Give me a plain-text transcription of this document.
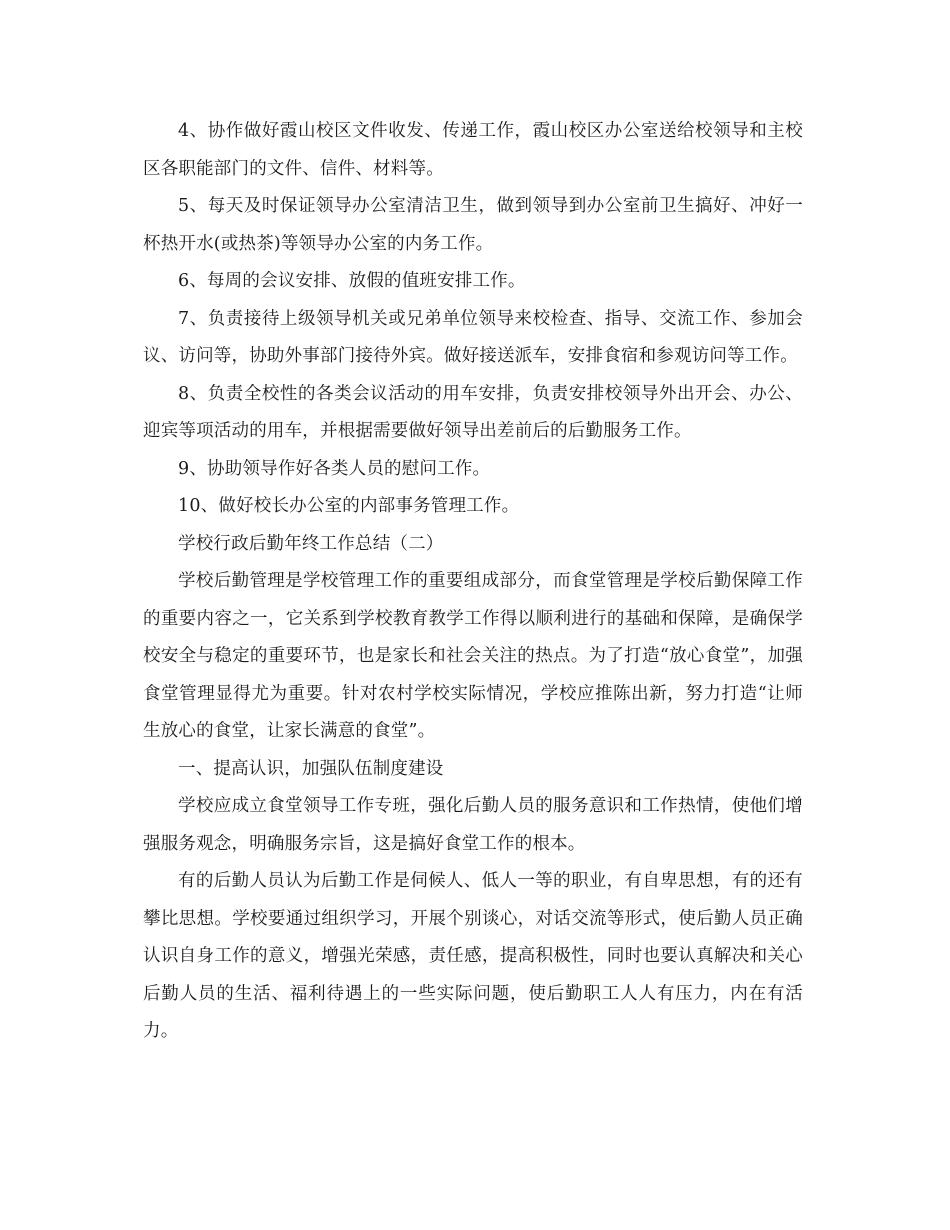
4、协作做好霞山校区文件收发、传递工作，霞山校区办公室送给校领导和主校区各职能部门的文件、信件、材料等。

5、每天及时保证领导办公室清洁卫生，做到领导到办公室前卫生搞好、冲好一杯热开水(或热茶)等领导办公室的内务工作。

6、每周的会议安排、放假的值班安排工作。

7、负责接待上级领导机关或兄弟单位领导来校检查、指导、交流工作、参加会议、访问等，协助外事部门接待外宾。做好接送派车，安排食宿和参观访问等工作。

8、负责全校性的各类会议活动的用车安排，负责安排校领导外出开会、办公、迎宾等项活动的用车，并根据需要做好领导出差前后的后勤服务工作。

9、协助领导作好各类人员的慰问工作。

10、做好校长办公室的内部事务管理工作。

学校行政后勤年终工作总结（二）

学校后勤管理是学校管理工作的重要组成部分，而食堂管理是学校后勤保障工作的重要内容之一，它关系到学校教育教学工作得以顺利进行的基础和保障，是确保学校安全与稳定的重要环节，也是家长和社会关注的热点。为了打造“放心食堂”，加强食堂管理显得尤为重要。针对农村学校实际情况，学校应推陈出新，努力打造“让师生放心的食堂，让家长满意的食堂”。

一、提高认识，加强队伍制度建设

学校应成立食堂领导工作专班，强化后勤人员的服务意识和工作热情，使他们增强服务观念，明确服务宗旨，这是搞好食堂工作的根本。

有的后勤人员认为后勤工作是伺候人、低人一等的职业，有自卑思想，有的还有攀比思想。学校要通过组织学习，开展个别谈心，对话交流等形式，使后勤人员正确认识自身工作的意义，增强光荣感，责任感，提高积极性，同时也要认真解决和关心后勤人员的生活、福利待遇上的一些实际问题，使后勤职工人人有压力，内在有活力。
